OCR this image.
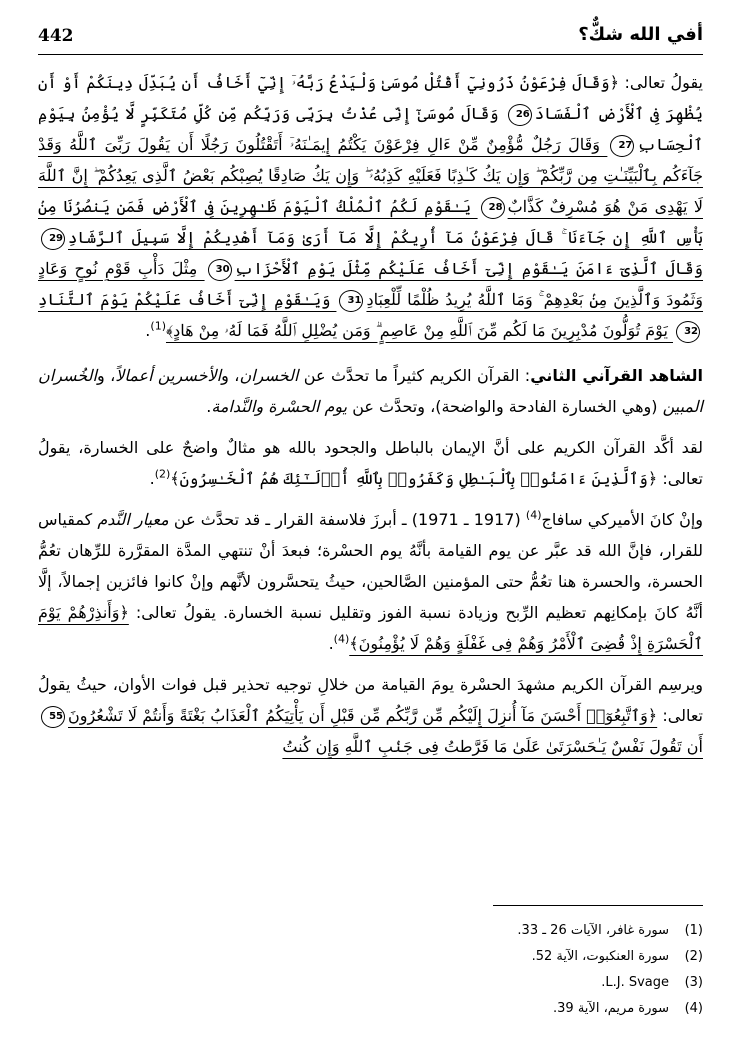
442	أفي الله شكٌّ؟

يقولُ تعالى: ﴿وَقَالَ فِرْعَوْنُ ذَرُونِيٓ أَقْتُلْ مُوسَىٰ وَلْيَدْعُ رَبَّهُۥٓ إِنِّيٓ أَخَافُ أَن يُبَدِّلَ دِينَكُمْ أَوْ أَن يُظْهِرَ فِى ٱلْأَرْضِ ٱلْفَسَادَ26 وَقَالَ مُوسَىٰٓ إِنِّى عُذْتُ بِرَبِّى وَرَبِّكُم مِّن كُلِّ مُتَكَبِّرٍ لَّا يُؤْمِنُ بِيَوْمِ ٱلْحِسَابِ27 وَقَالَ رَجُلٌ مُّؤْمِنٌ مِّنْ ءَالِ فِرْعَوْنَ يَكْتُمُ إِيمَـٰنَهُۥٓ أَتَقْتُلُونَ رَجُلًا أَن يَقُولَ رَبِّىَ ٱللَّهُ وَقَدْ جَآءَكُم بِٱلْبَيِّنَـٰتِ مِن رَّبِّكُمْ ۖ وَإِن يَكُ كَـٰذِبًا فَعَلَيْهِ كَذِبُهُۥ ۖ وَإِن يَكُ صَادِقًا يُصِبْكُم بَعْضُ ٱلَّذِى يَعِدُكُمْ ۖ إِنَّ ٱللَّهَ لَا يَهْدِى مَنْ هُوَ مُسْرِفٌ كَذَّابٌ28 يَـٰقَوْمِ لَكُمُ ٱلْمُلْكُ ٱلْيَوْمَ ظَـٰهِرِينَ فِى ٱلْأَرْضِ فَمَن يَنصُرُنَا مِنۢ بَأْسِ ٱللَّهِ إِن جَآءَنَا ۚ قَالَ فِرْعَوْنُ مَآ أُرِيكُمْ إِلَّا مَآ أَرَىٰ وَمَآ أَهْدِيكُمْ إِلَّا سَبِيلَ ٱلرَّشَادِ29 وَقَالَ ٱلَّذِىٓ ءَامَنَ يَـٰقَوْمِ إِنِّىٓ أَخَافُ عَلَيْكُم مِّثْلَ يَوْمِ ٱلْأَحْزَابِ30 مِثْلَ دَأْبِ قَوْمِ نُوحٍ وَعَادٍ وَثَمُودَ وَٱلَّذِينَ مِنۢ بَعْدِهِمْ ۚ وَمَا ٱللَّهُ يُرِيدُ ظُلْمًا لِّلْعِبَادِ31 وَيَـٰقَوْمِ إِنِّىٓ أَخَافُ عَلَيْكُمْ يَوْمَ ٱلتَّنَادِ32 يَوْمَ تُوَلُّونَ مُدْبِرِينَ مَا لَكُم مِّنَ ٱللَّهِ مِنْ عَاصِمٍ ۗ وَمَن يُضْلِلِ ٱللَّهُ فَمَا لَهُۥ مِنْ هَادٍ﴾$^{(1)}$.

الشاهد القرآني الثاني: القرآن الكريم كثيراً ما تحدَّث عن الخسران، والأخسرين أعمالاً، والخُسران المبين (وهي الخسارة الفادحة والواضحة)، وتحدَّث عن يوم الحسْرة والنَّدامة.

لقد أكَّد القرآن الكريم على أنَّ الإيمان بالباطل والجحود بالله هو مثالٌ واضحٌ على الخسارة، يقولُ تعالى: ﴿وَٱلَّذِينَ ءَامَنُوا۟ بِٱلْبَـٰطِلِ وَكَفَرُوا۟ بِٱللَّهِ أُو۟لَـٰٓئِكَ هُمُ ٱلْخَـٰسِرُونَ﴾$^{(2)}$.

وإنْ كانَ الأميركي سافاج$^{(4)}$ (1917 ـ 1971) ـ أبرزَ فلاسفة القرار ـ قد تحدَّث عن معيار النَّدم كمقياس للقرار، فإنَّ الله قد عبَّر عن يوم القيامة بأنَّهُ يوم الحسْرة؛ فبعدَ أنْ تنتهي المدَّة المقرَّرة للرِّهان تعُمُّ الحسرة، والحسرة هنا تعُمُّ حتى المؤمنين الصَّالحين، حيثُ يتحسَّرون لأنَّهم وإنْ كانوا فائزين إجمالاً، إلَّا أنَّهُ كانَ بإمكانِهم تعظيم الرِّبح وزيادة نسبة الفوز وتقليل نسبة الخسارة. يقولُ تعالى: ﴿وَأَنذِرْهُمْ يَوْمَ ٱلْحَسْرَةِ إِذْ قُضِىَ ٱلْأَمْرُ وَهُمْ فِى غَفْلَةٍ وَهُمْ لَا يُؤْمِنُونَ﴾$^{(4)}$.

ويرسِم القرآن الكريم مشهدَ الحسْرة يومَ القيامة من خلالِ توجيه تحذير قبل فوات الأوان، حيثُ يقولُ تعالى: ﴿وَٱتَّبِعُوٓا۟ أَحْسَنَ مَآ أُنزِلَ إِلَيْكُم مِّن رَّبِّكُم مِّن قَبْلِ أَن يَأْتِيَكُمُ ٱلْعَذَابُ بَغْتَةً وَأَنتُمْ لَا تَشْعُرُونَ55 أَن تَقُولَ نَفْسٌ يَـٰحَسْرَتَىٰ عَلَىٰ مَا فَرَّطتُ فِى جَنۢبِ ٱللَّهِ وَإِن كُنتُ

(1)سورة غافر، الآيات 26 ـ 33.
(2)سورة العنكبوت، الآية 52.
(3)L.J. Svage.
(4)سورة مريم، الآية 39.
